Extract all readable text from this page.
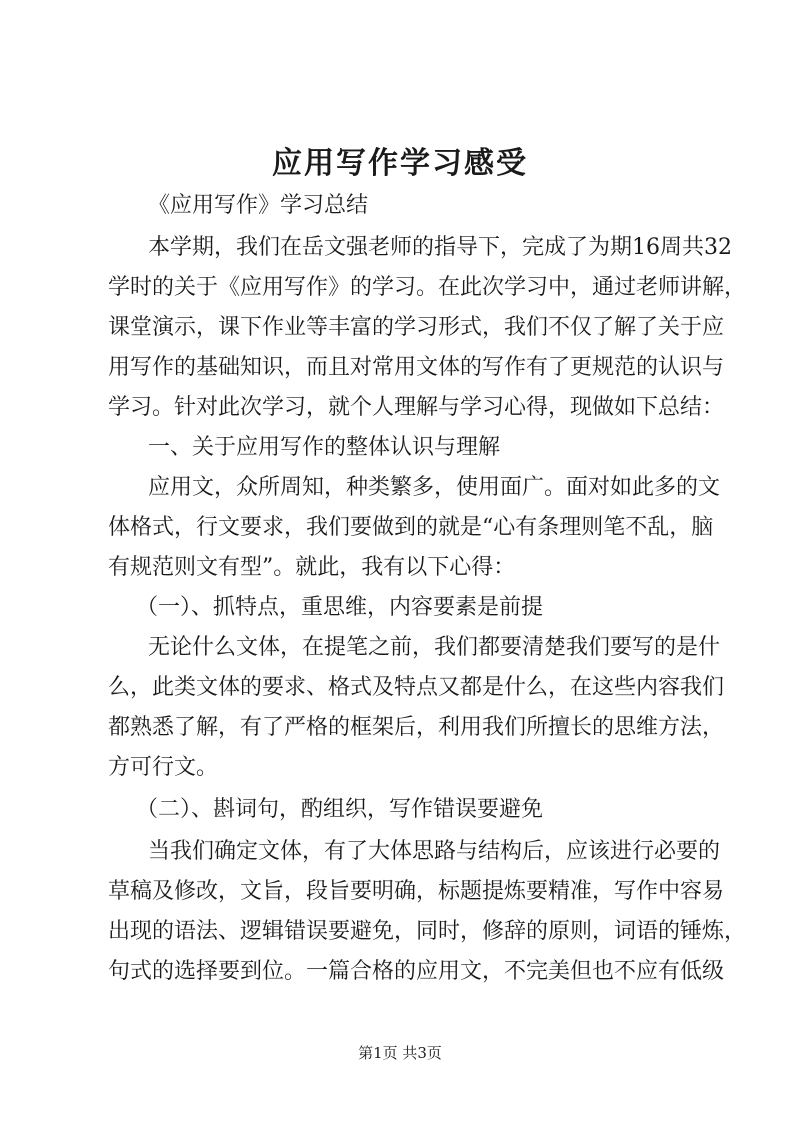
应用写作学习感受
《应用写作》学习总结
本学期，我们在岳文强老师的指导下，完成了为期16周共32
学时的关于《应用写作》的学习。在此次学习中，通过老师讲解，
课堂演示，课下作业等丰富的学习形式，我们不仅了解了关于应
用写作的基础知识，而且对常用文体的写作有了更规范的认识与
学习。针对此次学习，就个人理解与学习心得，现做如下总结：
一、关于应用写作的整体认识与理解
应用文，众所周知，种类繁多，使用面广。面对如此多的文
体格式，行文要求，我们要做到的就是“心有条理则笔不乱，脑
有规范则文有型”。就此，我有以下心得：
（一）、抓特点，重思维，内容要素是前提
无论什么文体，在提笔之前，我们都要清楚我们要写的是什
么，此类文体的要求、格式及特点又都是什么，在这些内容我们
都熟悉了解，有了严格的框架后，利用我们所擅长的思维方法，
方可行文。
（二）、斟词句，酌组织，写作错误要避免
当我们确定文体，有了大体思路与结构后，应该进行必要的
草稿及修改，文旨，段旨要明确，标题提炼要精准，写作中容易
出现的语法、逻辑错误要避免，同时，修辞的原则，词语的锤炼，
句式的选择要到位。一篇合格的应用文，不完美但也不应有低级
第1页 共3页
